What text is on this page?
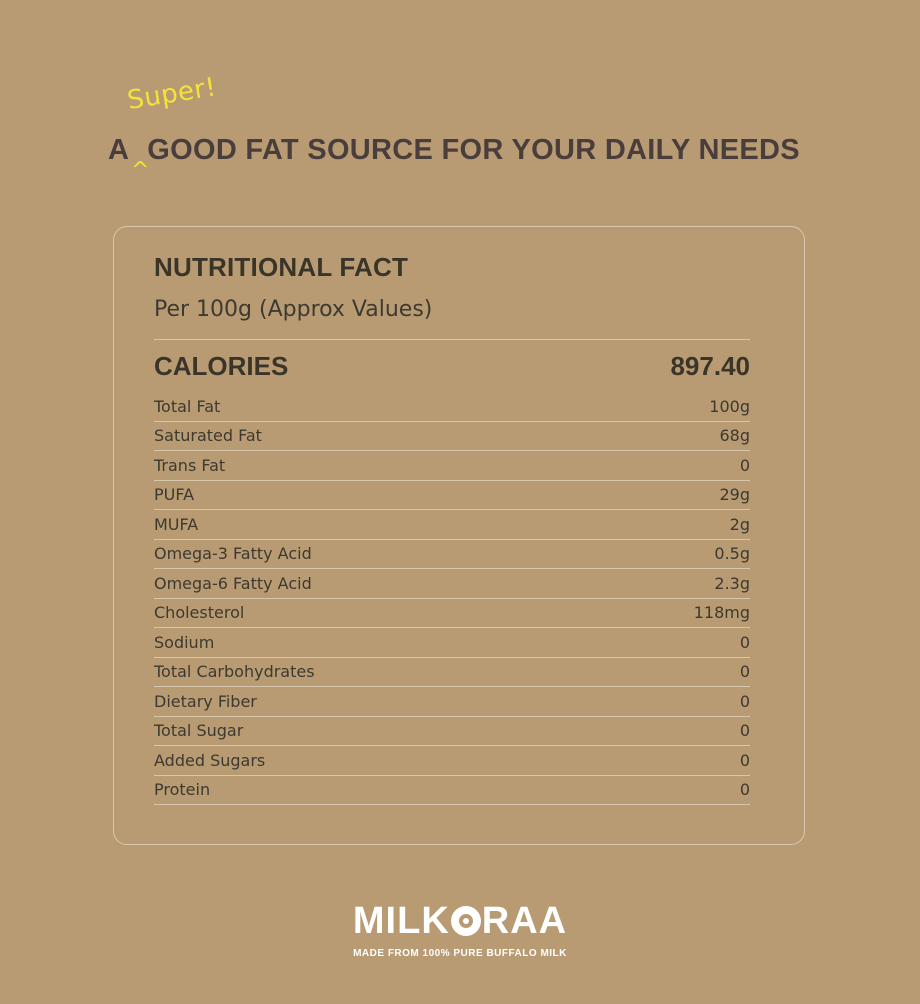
Super!
^
A GOOD FAT SOURCE FOR YOUR DAILY NEEDS
NUTRITIONAL FACT
Per 100g (Approx Values)
CALORIES	897.40
Total Fat	100g
Saturated Fat	68g
Trans Fat	0
PUFA	29g
MUFA	2g
Omega-3 Fatty Acid	0.5g
Omega-6 Fatty Acid	2.3g
Cholesterol	118mg
Sodium	0
Total Carbohydrates	0
Dietary Fiber	0
Total Sugar	0
Added Sugars	0
Protein	0
MILK RAA
MADE FROM 100% PURE BUFFALO MILK
